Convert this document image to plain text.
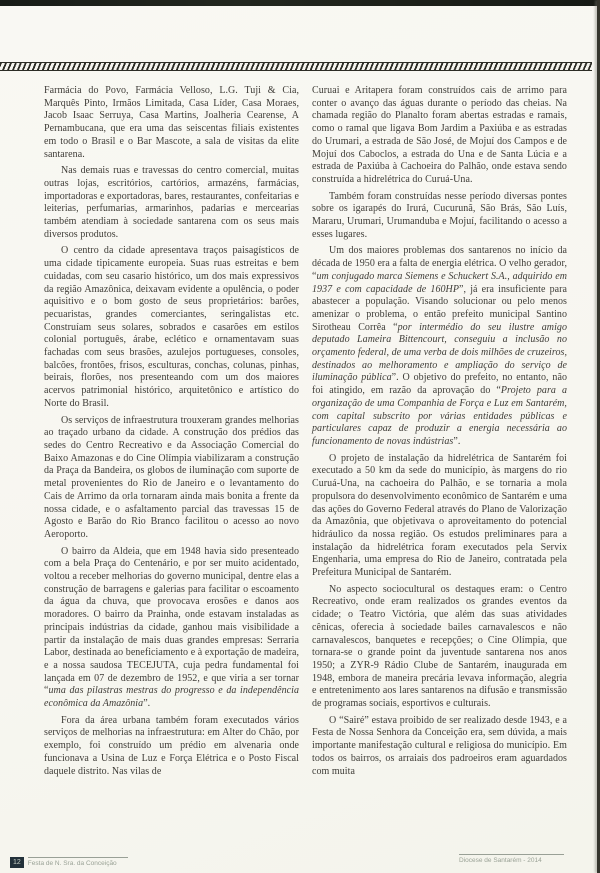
Farmácia do Povo, Farmácia Velloso, L.G. Tuji & Cia, Marquês Pinto, Irmãos Limitada, Casa Líder, Casa Moraes, Jacob Isaac Serruya, Casa Martins, Joalheria Cearense, A Pernambucana, que era uma das seiscentas filiais existentes em todo o Brasil e o Bar Mascote, a sala de visitas da elite santarena.

Nas demais ruas e travessas do centro comercial, muitas outras lojas, escritórios, cartórios, armazéns, farmácias, importadoras e exportadoras, bares, restaurantes, confeitarias e leiterias, perfumarias, armarinhos, padarias e mercearias também atendiam à sociedade santarena com os seus mais diversos produtos.

O centro da cidade apresentava traços paisagísticos de uma cidade tipicamente europeia. Suas ruas estreitas e bem cuidadas, com seu casario histórico, um dos mais expressivos da região Amazônica, deixavam evidente a opulência, o poder aquisitivo e o bom gosto de seus proprietários: barões, pecuaristas, grandes comerciantes, seringalistas etc. Construíam seus solares, sobrados e casarões em estilos colonial português, árabe, eclético e ornamentavam suas fachadas com seus brasões, azulejos portugueses, consoles, balcões, frontões, frisos, esculturas, conchas, colunas, pinhas, beirais, florões, nos presenteando com um dos maiores acervos patrimonial histórico, arquitetônico e artístico do Norte do Brasil.

Os serviços de infraestrutura trouxeram grandes melhorias ao traçado urbano da cidade. A construção dos prédios das sedes do Centro Recreativo e da Associação Comercial do Baixo Amazonas e do Cine Olímpia viabilizaram a construção da Praça da Bandeira, os globos de iluminação com suporte de metal provenientes do Rio de Janeiro e o levantamento do Cais de Arrimo da orla tornaram ainda mais bonita a frente da nossa cidade, e o asfaltamento parcial das travessas 15 de Agosto e Barão do Rio Branco facilitou o acesso ao novo Aeroporto.

O bairro da Aldeia, que em 1948 havia sido presenteado com a bela Praça do Centenário, e por ser muito acidentado, voltou a receber melhorias do governo municipal, dentre elas a construção de barragens e galerias para facilitar o escoamento da água da chuva, que provocava erosões e danos aos moradores. O bairro da Prainha, onde estavam instaladas as principais indústrias da cidade, ganhou mais visibilidade a partir da instalação de mais duas grandes empresas: Serraria Labor, destinada ao beneficiamento e à exportação de madeira, e a nossa saudosa TECEJUTA, cuja pedra fundamental foi lançada em 07 de dezembro de 1952, e que viria a ser tornar “uma das pilastras mestras do progresso e da independência econômica da Amazônia”.

Fora da área urbana também foram executados vários serviços de melhorias na infraestrutura: em Alter do Chão, por exemplo, foi construído um prédio em alvenaria onde funcionava a Usina de Luz e Força Elétrica e o Posto Fiscal daquele distrito. Nas vilas de

Curuai e Aritapera foram construídos cais de arrimo para conter o avanço das águas durante o período das cheias. Na chamada região do Planalto foram abertas estradas e ramais, como o ramal que ligava Bom Jardim a Paxiúba e as estradas do Urumari, a estrada de São José, de Mojuí dos Campos e de Mojuí dos Caboclos, a estrada do Una e de Santa Lúcia e a estrada de Paxiúba à Cachoeira do Palhão, onde estava sendo construída a hidrelétrica do Curuá-Una.

Também foram construídas nesse período diversas pontes sobre os igarapés do Irurá, Cucurunã, São Brás, São Luís, Mararu, Urumari, Urumanduba e Mojuí, facilitando o acesso a esses lugares.

Um dos maiores problemas dos santarenos no início da década de 1950 era a falta de energia elétrica. O velho gerador, “um conjugado marca Siemens e Schuckert S.A., adquirido em 1937 e com capacidade de 160HP”, já era insuficiente para abastecer a população. Visando solucionar ou pelo menos amenizar o problema, o então prefeito municipal Santino Sirotheau Corrêa “por intermédio do seu ilustre amigo deputado Lameira Bittencourt, conseguiu a inclusão no orçamento federal, de uma verba de dois milhões de cruzeiros, destinados ao melhoramento e ampliação do serviço de iluminação pública”. O objetivo do prefeito, no entanto, não foi atingido, em razão da aprovação do “Projeto para a organização de uma Companhia de Força e Luz em Santarém, com capital subscrito por várias entidades públicas e particulares capaz de produzir a energia necessária ao funcionamento de novas indústrias”.

O projeto de instalação da hidrelétrica de Santarém foi executado a 50 km da sede do município, às margens do rio Curuá-Una, na cachoeira do Palhão, e se tornaria a mola propulsora do desenvolvimento econômico de Santarém e uma das ações do Governo Federal através do Plano de Valorização da Amazônia, que objetivava o aproveitamento do potencial hidráulico da nossa região. Os estudos preliminares para a instalação da hidrelétrica foram executados pela Servix Engenharia, uma empresa do Rio de Janeiro, contratada pela Prefeitura Municipal de Santarém.

No aspecto sociocultural os destaques eram: o Centro Recreativo, onde eram realizados os grandes eventos da cidade; o Teatro Victória, que além das suas atividades cênicas, oferecia à sociedade bailes carnavalescos e não carnavalescos, banquetes e recepções; o Cine Olímpia, que tornara-se o grande point da juventude santarena nos anos 1950; a ZYR-9 Rádio Clube de Santarém, inaugurada em 1948, embora de maneira precária levava informação, alegria e entretenimento aos lares santarenos na difusão e transmissão de programas sociais, esportivos e culturais.

O “Sairé” estava proibido de ser realizado desde 1943, e a Festa de Nossa Senhora da Conceição era, sem dúvida, a mais importante manifestação cultural e religiosa do município. Em todos os bairros, os arraiais dos padroeiros eram aguardados com muita

12	Festa de N. Sra. da Conceição	Diocese de Santarém - 2014
